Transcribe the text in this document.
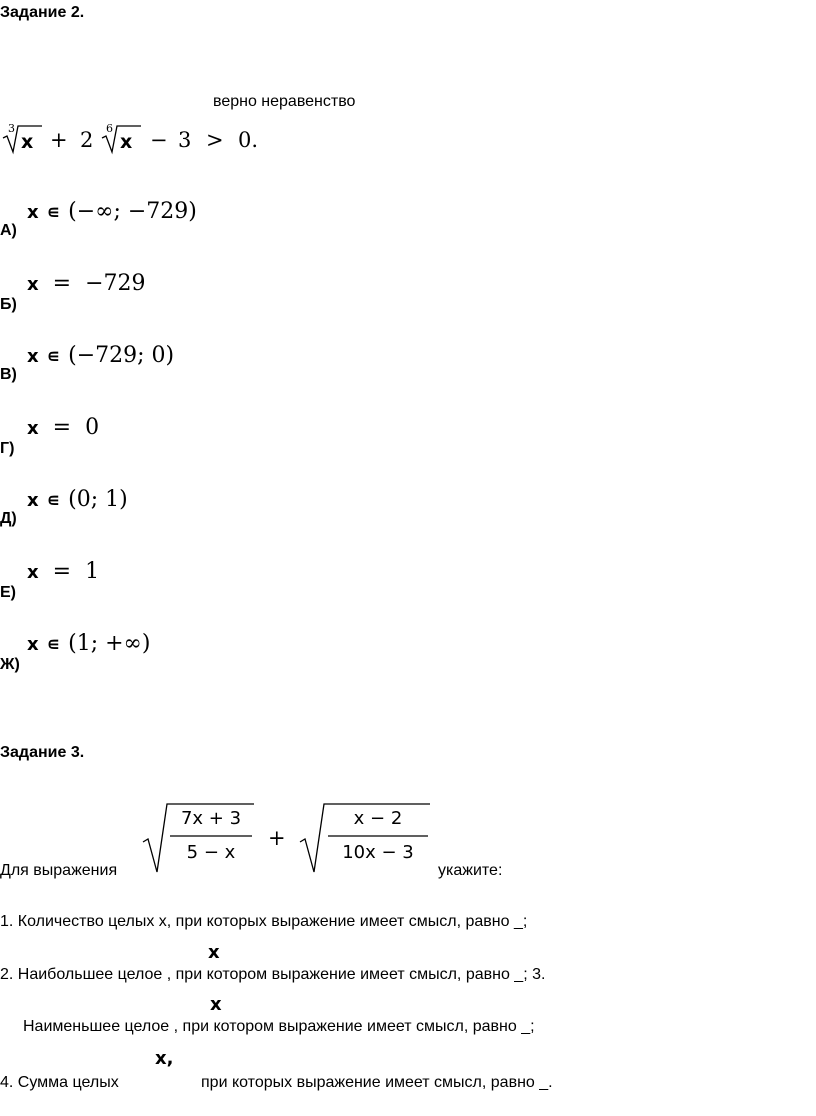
Задание 2.
верно неравенство
3
x + 2 6
x − 3 > 0.
А)
x ∊ (−∞; −729)
Б)
x = −729
В)
x ∊ (−729; 0)
Г)
x = 0
Д)
x ∊ (0; 1)
Е)
x = 1
Ж)
x ∊ (1; +∞)
Задание 3.
Для выражения
7x + 3
5 − x
+
x − 2
10x − 3
укажите:
1. Количество целых x, при которых выражение имеет смысл, равно _;
x
2. Наибольшее целое , при котором выражение имеет смысл, равно _; 3.
x
Наименьшее целое , при котором выражение имеет смысл, равно _;
x,
4. Сумма целых	при которых выражение имеет смысл, равно _.
